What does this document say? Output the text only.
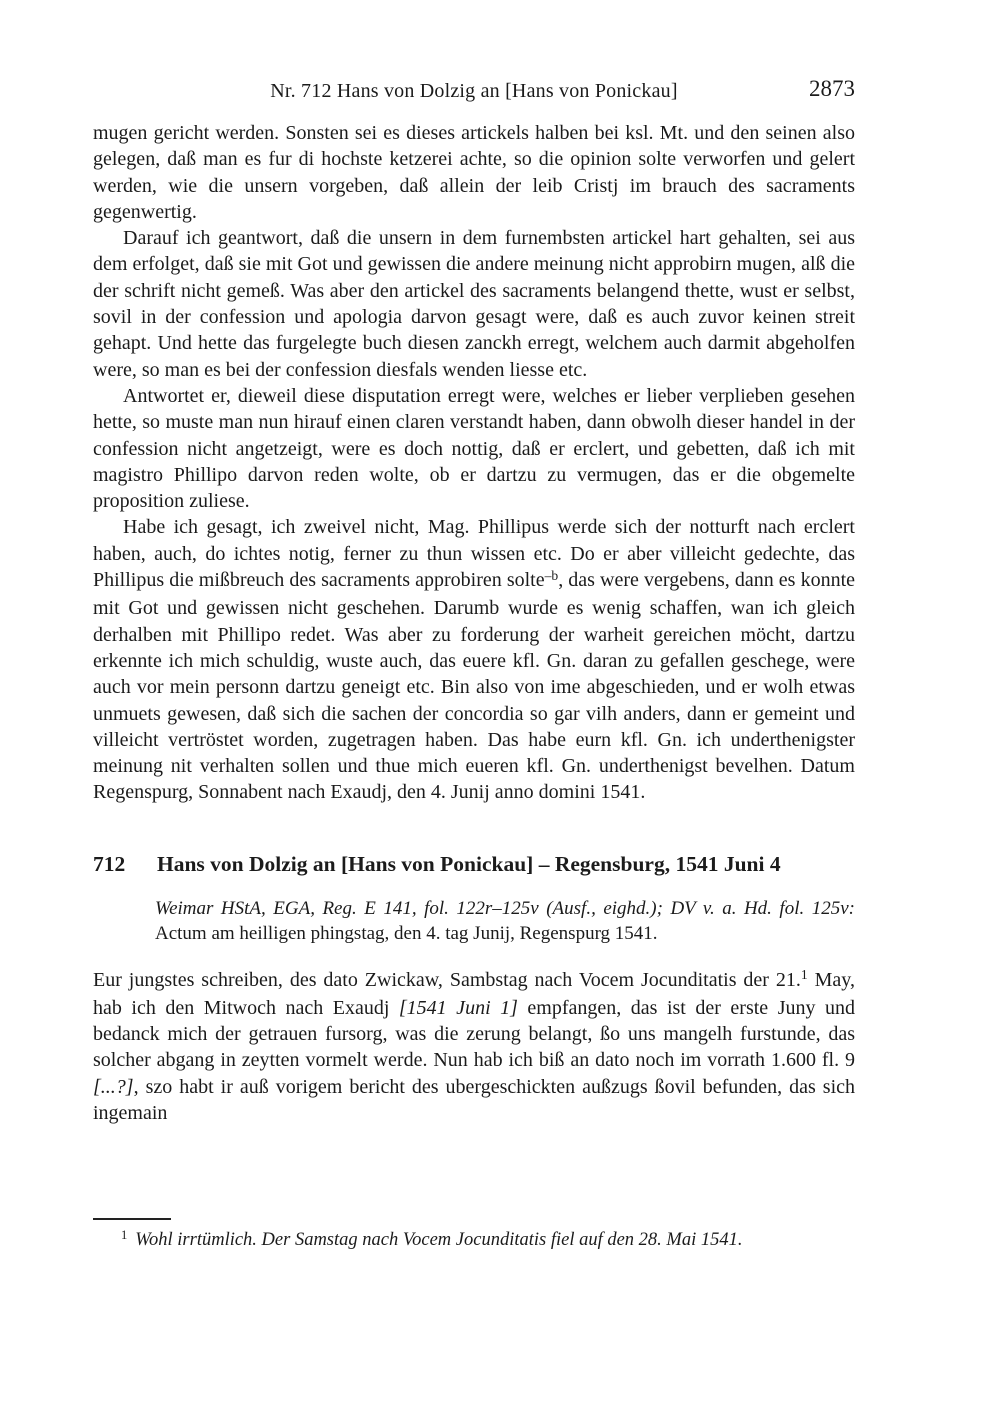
Nr. 712 Hans von Dolzig an [Hans von Ponickau]	2873

mugen gericht werden. Sonsten sei es dieses artickels halben bei ksl. Mt. und den seinen also gelegen, daß man es fur di hochste ketzerei achte, so die opinion solte verworfen und gelert werden, wie die unsern vorgeben, daß allein der leib Cristj im brauch des sacraments gegenwertig.

Darauf ich geantwort, daß die unsern in dem furnembsten artickel hart gehalten, sei aus dem erfolget, daß sie mit Got und gewissen die andere meinung nicht approbirn mugen, alß die der schrift nicht gemeß. Was aber den artickel des sacraments belangend thette, wust er selbst, sovil in der confession und apologia darvon gesagt were, daß es auch zuvor keinen streit gehapt. Und hette das furgelegte buch diesen zanckh erregt, welchem auch darmit abgeholfen were, so man es bei der confession diesfals wenden liesse etc.

Antwortet er, dieweil diese disputation erregt were, welches er lieber verplieben gesehen hette, so muste man nun hirauf einen claren verstandt haben, dann obwolh dieser handel in der confession nicht angetzeigt, were es doch nottig, daß er erclert, und gebetten, daß ich mit magistro Phillipo darvon reden wolte, ob er dartzu zu vermugen, das er die obgemelte proposition zuliese.

Habe ich gesagt, ich zweivel nicht, Mag. Phillipus werde sich der notturft nach erclert haben, auch, do ichtes notig, ferner zu thun wissen etc. Do er aber villeicht gedechte, das Phillipus die mißbreuch des sacraments approbiren solte$^{-b}$, das were vergebens, dann es konnte mit Got und gewissen nicht geschehen. Darumb wurde es wenig schaffen, wan ich gleich derhalben mit Phillipo redet. Was aber zu forderung der warheit gereichen möcht, dartzu erkennte ich mich schuldig, wuste auch, das euere kfl. Gn. daran zu gefallen geschege, were auch vor mein personn dartzu geneigt etc. Bin also von ime abgeschieden, und er wolh etwas unmuets gewesen, daß sich die sachen der concordia so gar vilh anders, dann er gemeint und villeicht vertröstet worden, zugetragen haben. Das habe eurn kfl. Gn. ich underthenigster meinung nit verhalten sollen und thue mich eueren kfl. Gn. underthenigst bevelhen. Datum Regenspurg, Sonnabent nach Exaudj, den 4. Junij anno domini 1541.

712 Hans von Dolzig an [Hans von Ponickau] – Regensburg, 1541 Juni 4
Weimar HStA, EGA, Reg. E 141, fol. 122r–125v (Ausf., eighd.); DV v. a. Hd. fol. 125v: Actum am heilligen phingstag, den 4. tag Junij, Regenspurg 1541.

Eur jungstes schreiben, des dato Zwickaw, Sambstag nach Vocem Jocunditatis der 21.$^1$ May, hab ich den Mitwoch nach Exaudj [1541 Juni 1] empfangen, das ist der erste Juny und bedanck mich der getrauen fursorg, was die zerung belangt, ßo uns mangelh furstunde, das solcher abgang in zeytten vormelt werde. Nun hab ich biß an dato noch im vorrath 1.600 fl. 9 [...?], szo habt ir auß vorigem bericht des ubergeschickten außzugs ßovil befunden, das sich ingemain

$^1$ Wohl irrtümlich. Der Samstag nach Vocem Jocunditatis fiel auf den 28. Mai 1541.
